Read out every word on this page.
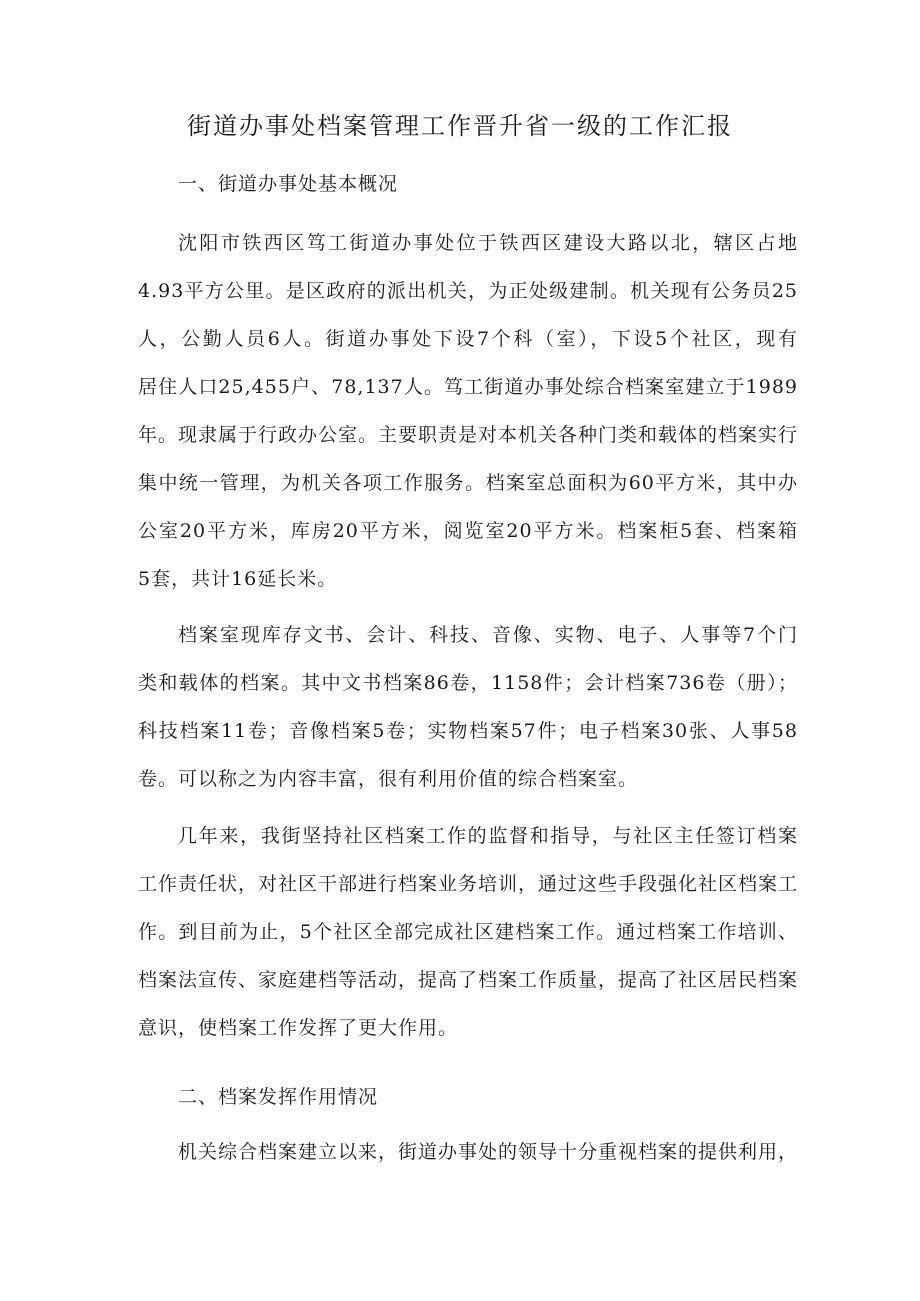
街道办事处档案管理工作晋升省一级的工作汇报
一、街道办事处基本概况
沈阳市铁西区笃工街道办事处位于铁西区建设大路以北，辖区占地
4.93平方公里。是区政府的派出机关，为正处级建制。机关现有公务员25
人，公勤人员6人。街道办事处下设7个科（室），下设5个社区，现有
居住人口25,455户、78,137人。笃工街道办事处综合档案室建立于1989
年。现隶属于行政办公室。主要职责是对本机关各种门类和载体的档案实行
集中统一管理，为机关各项工作服务。档案室总面积为60平方米，其中办
公室20平方米，库房20平方米，阅览室20平方米。档案柜5套、档案箱
5套，共计16延长米。
档案室现库存文书、会计、科技、音像、实物、电子、人事等7个门
类和载体的档案。其中文书档案86卷，1158件；会计档案736卷（册）；
科技档案11卷；音像档案5卷；实物档案57件；电子档案30张、人事58
卷。可以称之为内容丰富，很有利用价值的综合档案室。
几年来，我街坚持社区档案工作的监督和指导，与社区主任签订档案
工作责任状，对社区干部进行档案业务培训，通过这些手段强化社区档案工
作。到目前为止，5个社区全部完成社区建档案工作。通过档案工作培训、
档案法宣传、家庭建档等活动，提高了档案工作质量，提高了社区居民档案
意识，使档案工作发挥了更大作用。
二、档案发挥作用情况
机关综合档案建立以来，街道办事处的领导十分重视档案的提供利用，
